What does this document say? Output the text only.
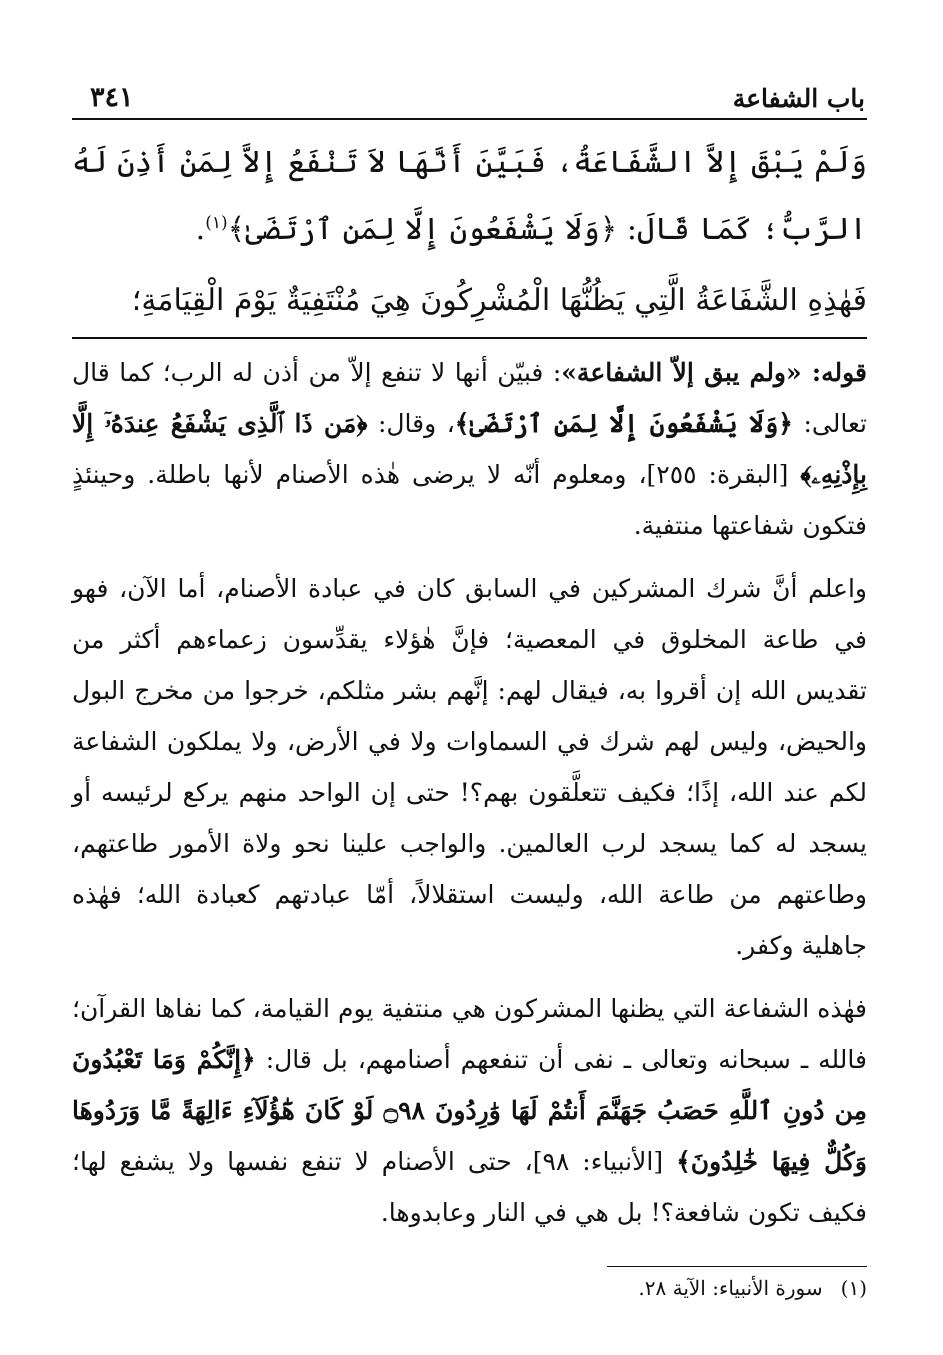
باب الشفاعة
٣٤١

وَلَمْ يَبْقَ إِلاَّ الشَّفَاعَةُ، فَبَيَّنَ أَنَّهَا لاَ تَنْفَعُ إِلاَّ لِمَنْ أَذِنَ لَهُ الرَّبُّ؛ كَمَا قَالَ: ﴿وَلَا يَشْفَعُونَ إِلَّا لِمَنِ ٱرْتَضَىٰ﴾$^{(١)}$.

فَهٰذِهِ الشَّفَاعَةُ الَّتِي يَظُنُّهَا الْمُشْرِكُونَ هِيَ مُنْتَفِيَةٌ يَوْمَ الْقِيَامَةِ؛

قوله: «ولم يبق إلاّ الشفاعة»: فبيّن أنها لا تنفع إلاّ من أذن له الرب؛ كما قال تعالى: ﴿وَلَا يَشْفَعُونَ إِلَّا لِمَنِ ٱرْتَضَىٰ﴾، وقال: ﴿مَن ذَا ٱلَّذِى يَشْفَعُ عِندَهُۥٓ إِلَّا بِإِذْنِهِۦ﴾ [البقرة: ٢٥٥]، ومعلوم أنّه لا يرضى هٰذه الأصنام لأنها باطلة. وحينئذٍ فتكون شفاعتها منتفية.

واعلم أنَّ شرك المشركين في السابق كان في عبادة الأصنام، أما الآن، فهو في طاعة المخلوق في المعصية؛ فإنَّ هٰؤلاء يقدِّسون زعماءهم أكثر من تقديس الله إن أقروا به، فيقال لهم: إنَّهم بشر مثلكم، خرجوا من مخرج البول والحيض، وليس لهم شرك في السماوات ولا في الأرض، ولا يملكون الشفاعة لكم عند الله، إذًا؛ فكيف تتعلَّقون بهم؟! حتى إن الواحد منهم يركع لرئيسه أو يسجد له كما يسجد لرب العالمين. والواجب علينا نحو ولاة الأمور طاعتهم، وطاعتهم من طاعة الله، وليست استقلالاً، أمّا عبادتهم كعبادة الله؛ فهٰذه جاهلية وكفر.

فهٰذه الشفاعة التي يظنها المشركون هي منتفية يوم القيامة، كما نفاها القرآن؛ فالله ـ سبحانه وتعالى ـ نفى أن تنفعهم أصنامهم، بل قال: ﴿إِنَّكُمْ وَمَا تَعْبُدُونَ مِن دُونِ ٱللَّهِ حَصَبُ جَهَنَّمَ أَنتُمْ لَهَا وَٰرِدُونَ ۝٩٨ لَوْ كَانَ هَٰٓؤُلَآءِ ءَالِهَةً مَّا وَرَدُوهَا وَكُلٌّ فِيهَا خَٰلِدُونَ﴾ [الأنبياء: ٩٨]، حتى الأصنام لا تنفع نفسها ولا يشفع لها؛ فكيف تكون شافعة؟! بل هي في النار وعابدوها.

(١)سورة الأنبياء: الآية ٢٨.
